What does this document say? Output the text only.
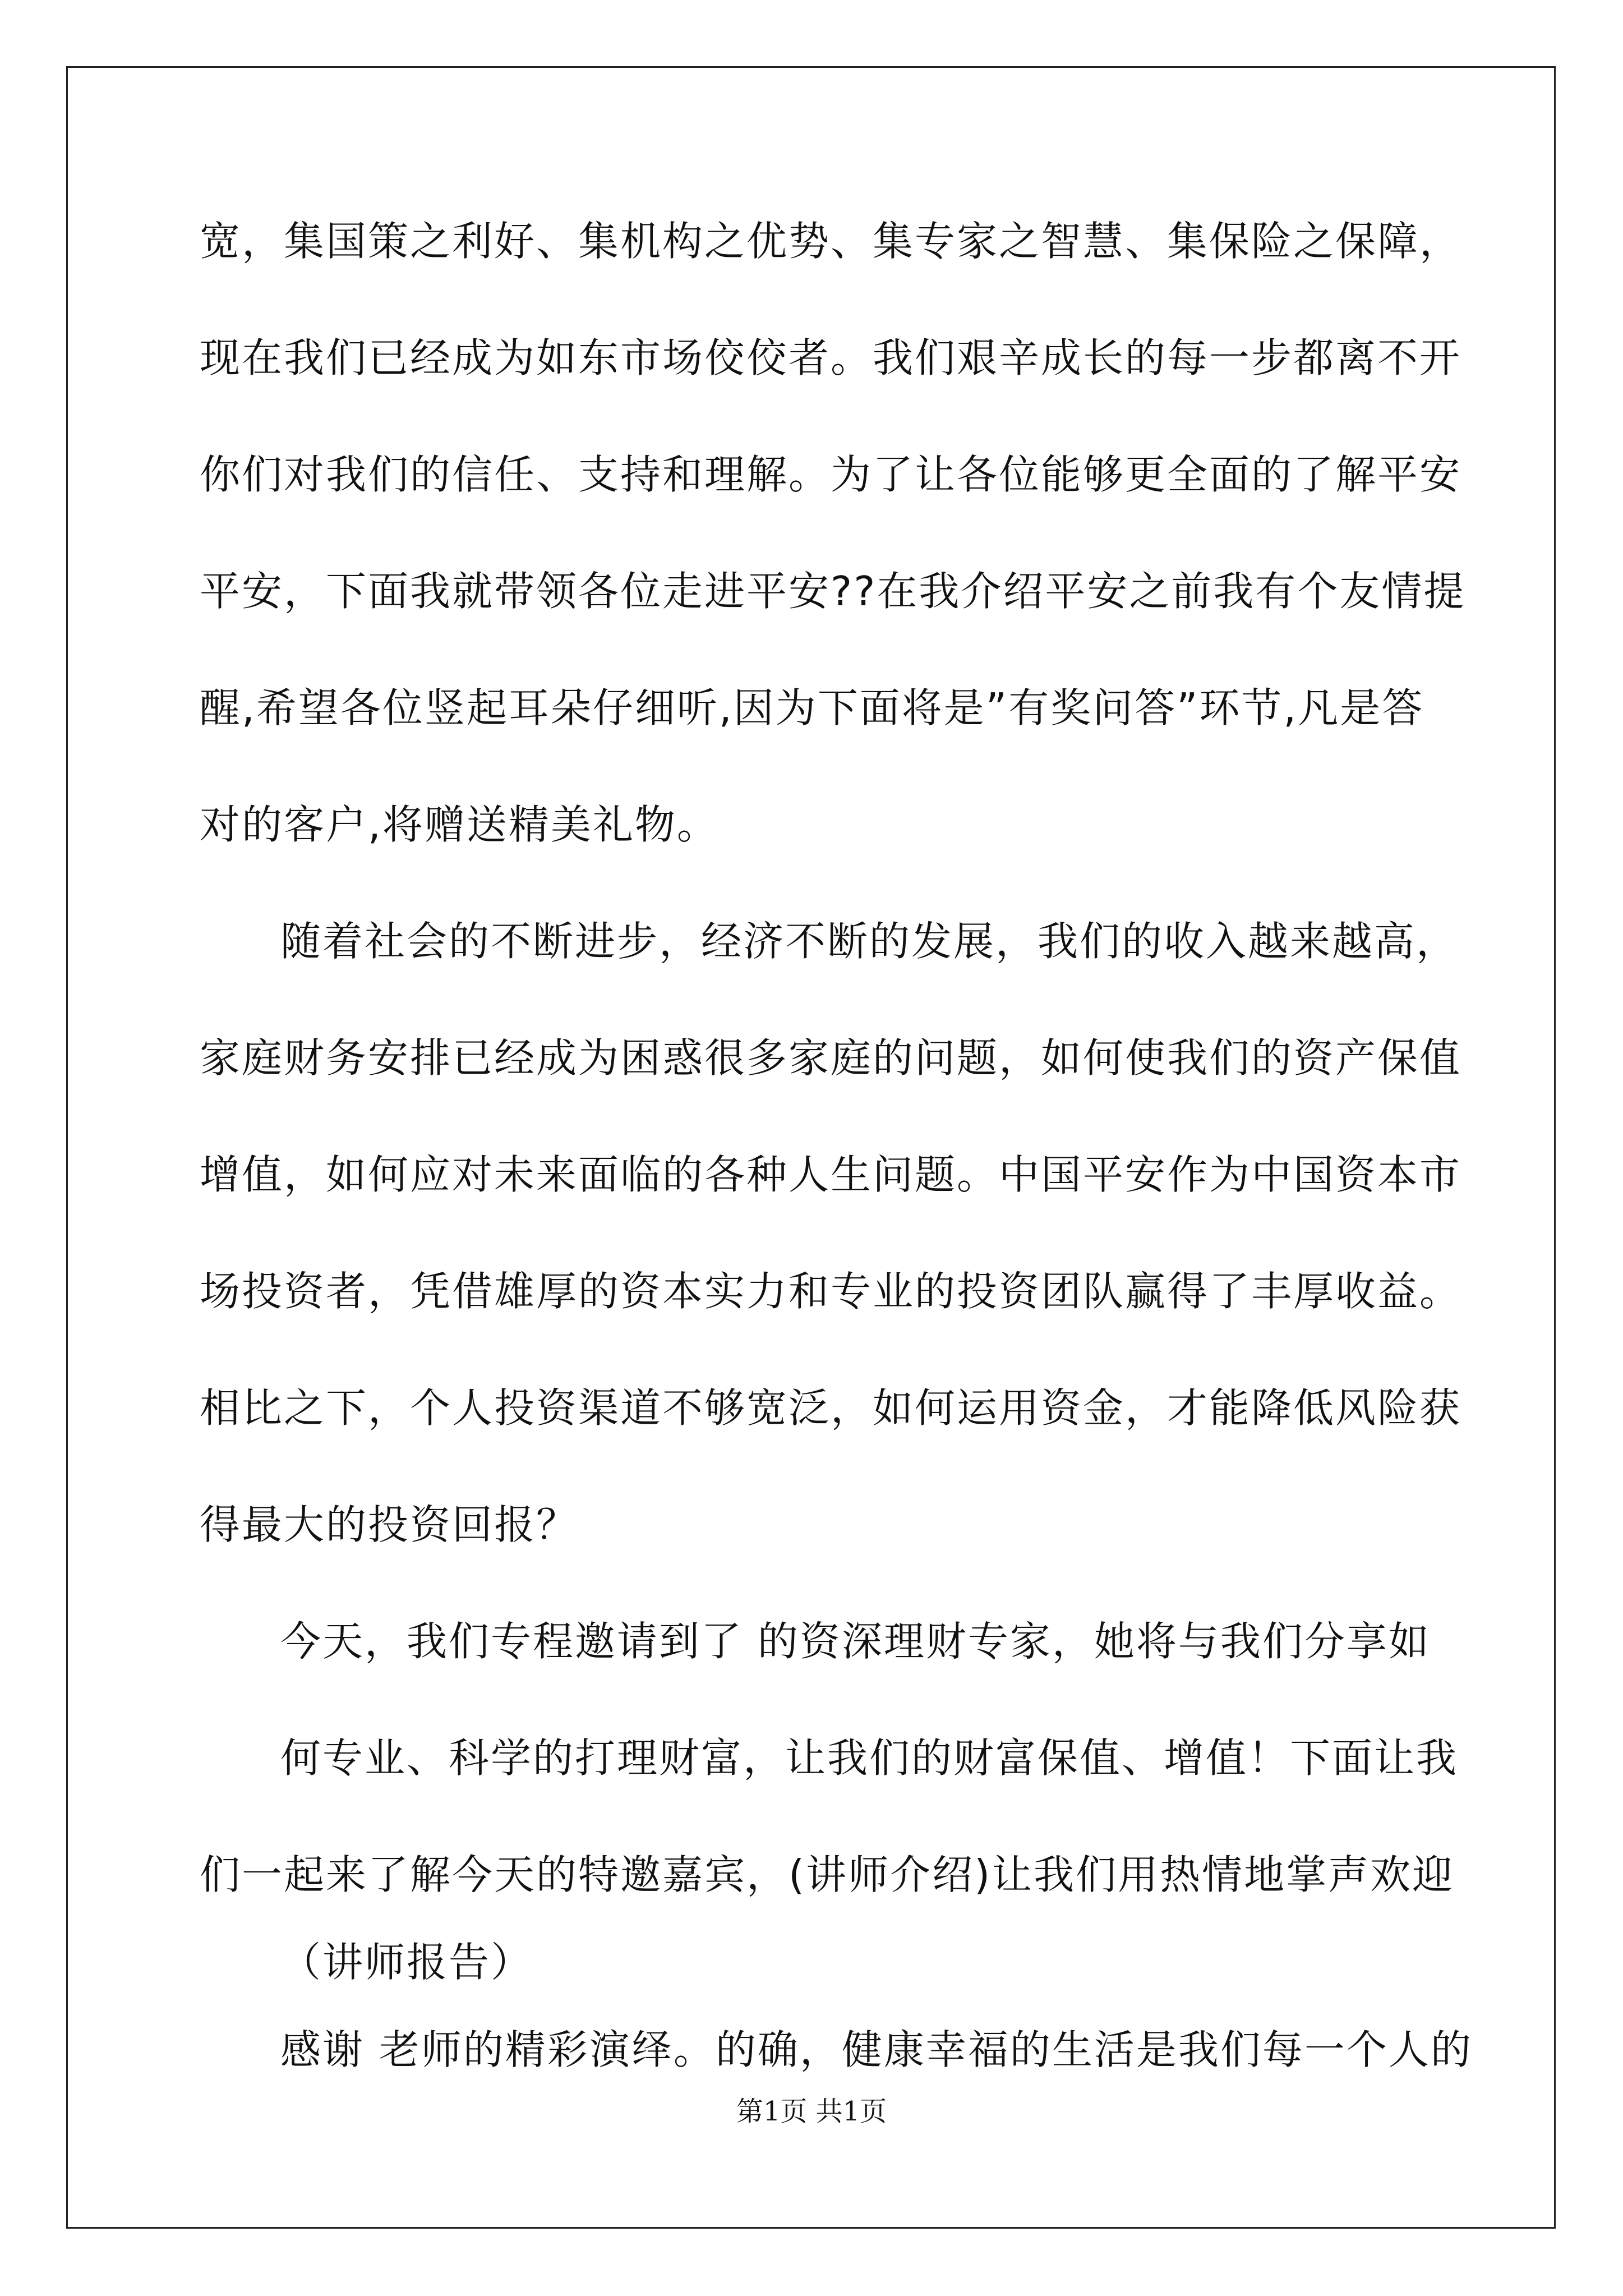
宽，集国策之利好、集机构之优势、集专家之智慧、集保险之保障，
现在我们已经成为如东市场佼佼者。我们艰辛成长的每一步都离不开
你们对我们的信任、支持和理解。为了让各位能够更全面的了解平安
平安，下面我就带领各位走进平安??在我介绍平安之前我有个友情提
醒,希望各位竖起耳朵仔细听,因为下面将是”有奖问答”环节,凡是答
对的客户,将赠送精美礼物。
随着社会的不断进步，经济不断的发展，我们的收入越来越高，
家庭财务安排已经成为困惑很多家庭的问题，如何使我们的资产保值
增值，如何应对未来面临的各种人生问题。中国平安作为中国资本市
场投资者，凭借雄厚的资本实力和专业的投资团队赢得了丰厚收益。
相比之下，个人投资渠道不够宽泛，如何运用资金，才能降低风险获
得最大的投资回报？
今天，我们专程邀请到了 的资深理财专家，她将与我们分享如
何专业、科学的打理财富，让我们的财富保值、增值！下面让我
们一起来了解今天的特邀嘉宾，(讲师介绍)让我们用热情地掌声欢迎
（讲师报告）
感谢 老师的精彩演绎。的确，健康幸福的生活是我们每一个人的
第1页 共1页
